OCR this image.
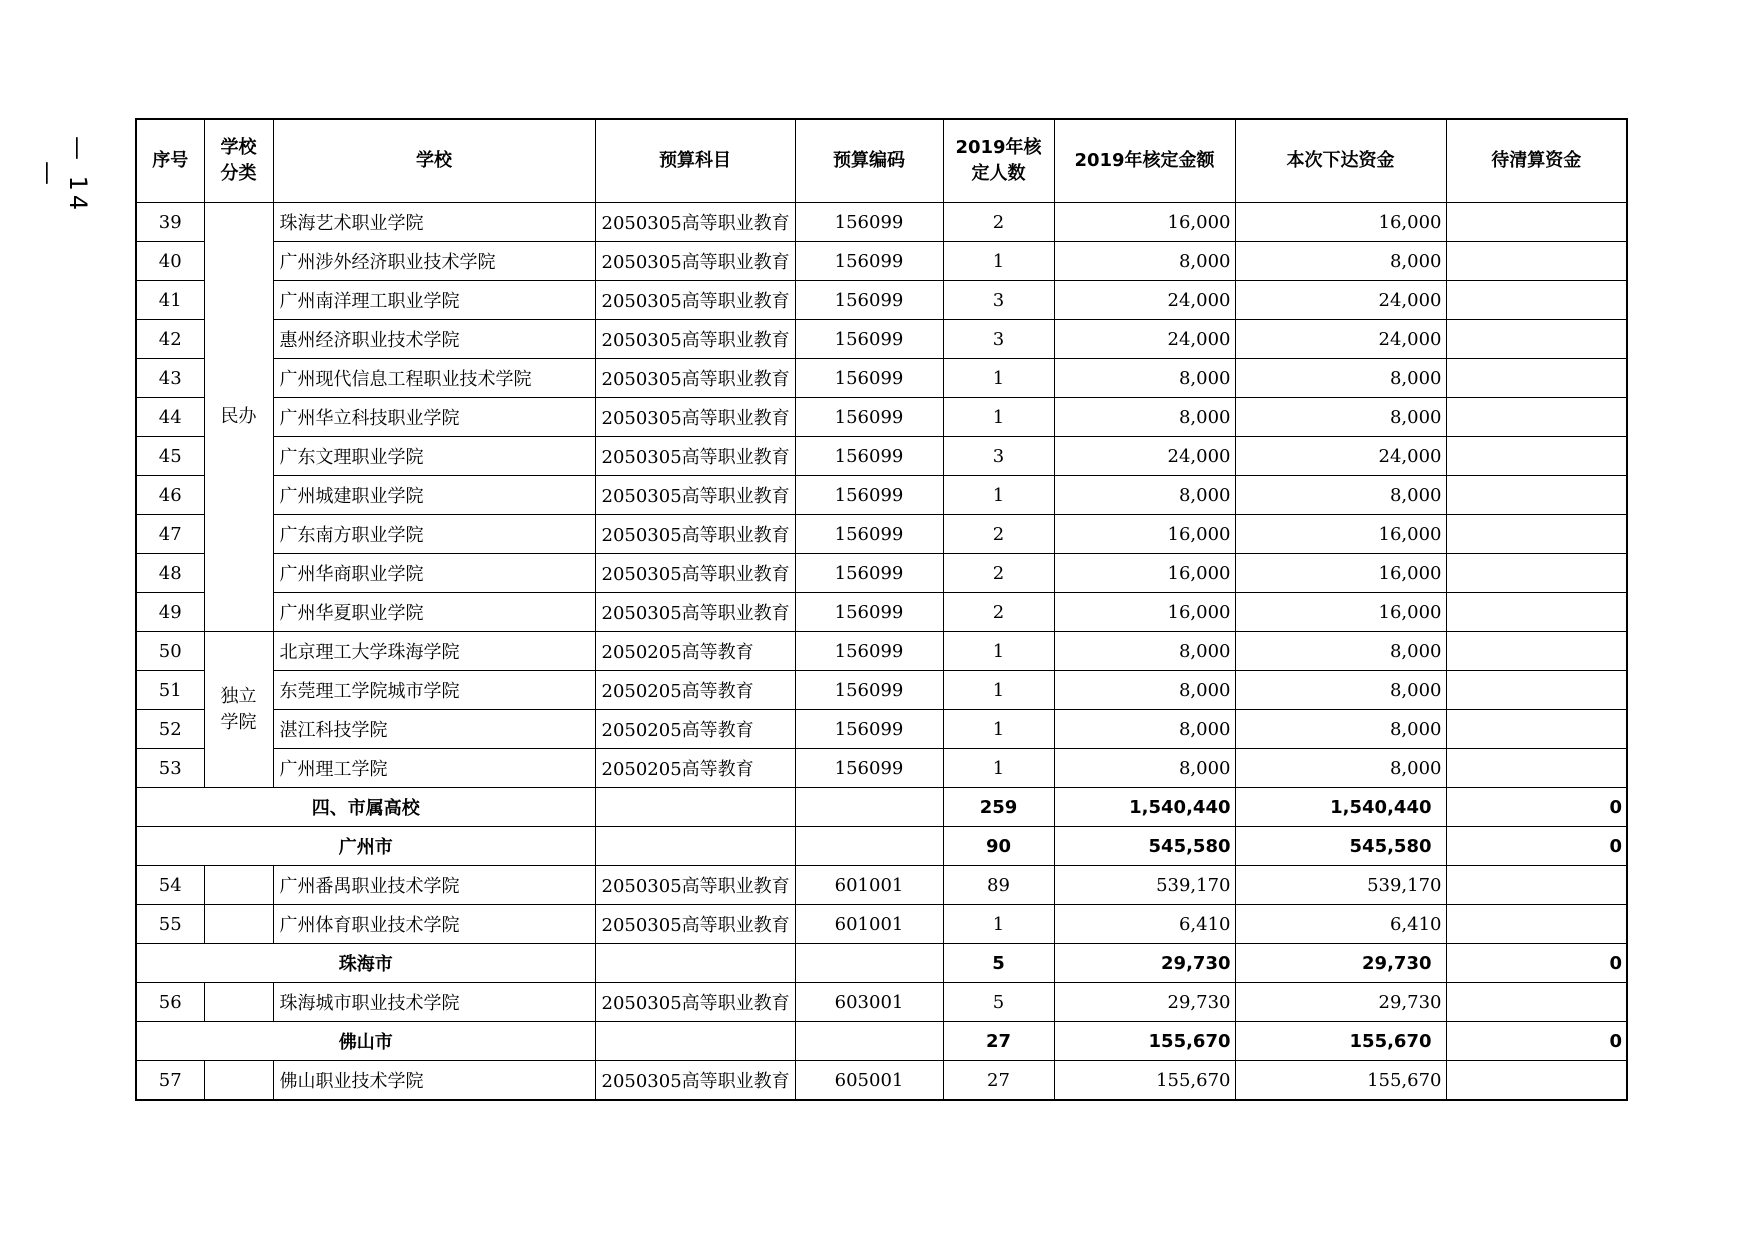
— 14 —
序号	学校分类	学校	预算科目	预算编码	2019年核定人数	2019年核定金额	本次下达资金	待清算资金
39	民办	珠海艺术职业学院	2050305高等职业教育	156099	2	16,000	16,000	
40		广州涉外经济职业技术学院	2050305高等职业教育	156099	1	8,000	8,000	
41		广州南洋理工职业学院	2050305高等职业教育	156099	3	24,000	24,000	
42		惠州经济职业技术学院	2050305高等职业教育	156099	3	24,000	24,000	
43		广州现代信息工程职业技术学院	2050305高等职业教育	156099	1	8,000	8,000	
44		广州华立科技职业学院	2050305高等职业教育	156099	1	8,000	8,000	
45		广东文理职业学院	2050305高等职业教育	156099	3	24,000	24,000	
46		广州城建职业学院	2050305高等职业教育	156099	1	8,000	8,000	
47		广东南方职业学院	2050305高等职业教育	156099	2	16,000	16,000	
48		广州华商职业学院	2050305高等职业教育	156099	2	16,000	16,000	
49		广州华夏职业学院	2050305高等职业教育	156099	2	16,000	16,000	
50	独立学院	北京理工大学珠海学院	2050205高等教育	156099	1	8,000	8,000	
51		东莞理工学院城市学院	2050205高等教育	156099	1	8,000	8,000	
52		湛江科技学院	2050205高等教育	156099	1	8,000	8,000	
53		广州理工学院	2050205高等教育	156099	1	8,000	8,000	
四、市属高校					259	1,540,440	1,540,440	0
广州市					90	545,580	545,580	0
54		广州番禺职业技术学院	2050305高等职业教育	601001	89	539,170	539,170	
55		广州体育职业技术学院	2050305高等职业教育	601001	1	6,410	6,410	
珠海市					5	29,730	29,730	0
56		珠海城市职业技术学院	2050305高等职业教育	603001	5	29,730	29,730	
佛山市					27	155,670	155,670	0
57		佛山职业技术学院	2050305高等职业教育	605001	27	155,670	155,670	
